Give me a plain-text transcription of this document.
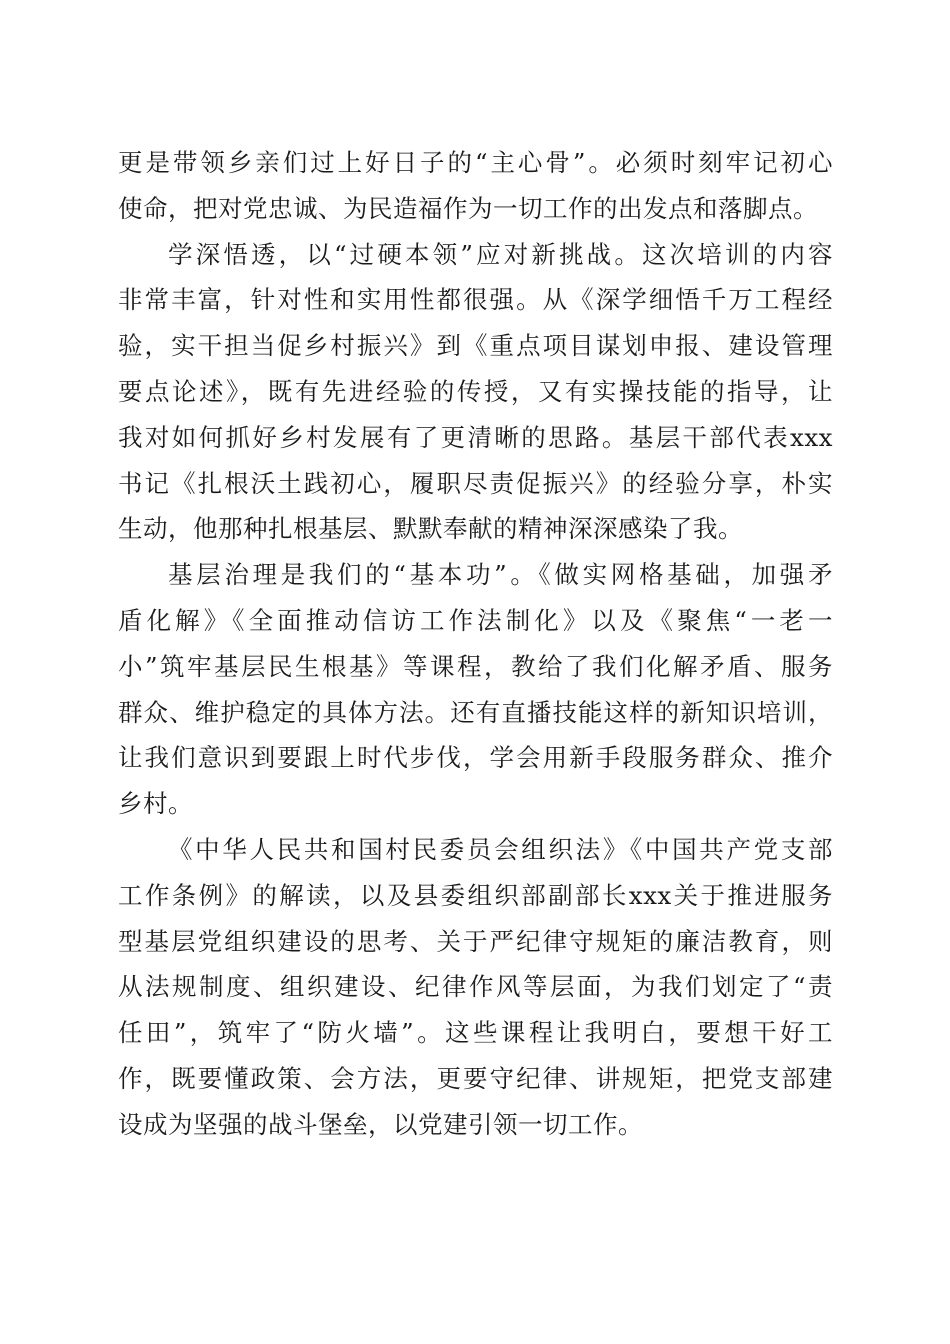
更是带领乡亲们过上好日子的“主心骨”。必须时刻牢记初心
使命，把对党忠诚、为民造福作为一切工作的出发点和落脚点。
学深悟透，以“过硬本领”应对新挑战。这次培训的内容
非常丰富，针对性和实用性都很强。从《深学细悟千万工程经
验，实干担当促乡村振兴》到《重点项目谋划申报、建设管理
要点论述》，既有先进经验的传授，又有实操技能的指导，让
我对如何抓好乡村发展有了更清晰的思路。基层干部代表xxx
书记《扎根沃土践初心，履职尽责促振兴》的经验分享，朴实
生动，他那种扎根基层、默默奉献的精神深深感染了我。
基层治理是我们的“基本功”。《做实网格基础，加强矛
盾化解》《全面推动信访工作法制化》以及《聚焦“一老一
小”筑牢基层民生根基》等课程，教给了我们化解矛盾、服务
群众、维护稳定的具体方法。还有直播技能这样的新知识培训，
让我们意识到要跟上时代步伐，学会用新手段服务群众、推介
乡村。
《中华人民共和国村民委员会组织法》《中国共产党支部
工作条例》的解读，以及县委组织部副部长xxx关于推进服务
型基层党组织建设的思考、关于严纪律守规矩的廉洁教育，则
从法规制度、组织建设、纪律作风等层面，为我们划定了“责
任田”，筑牢了“防火墙”。这些课程让我明白，要想干好工
作，既要懂政策、会方法，更要守纪律、讲规矩，把党支部建
设成为坚强的战斗堡垒，以党建引领一切工作。
